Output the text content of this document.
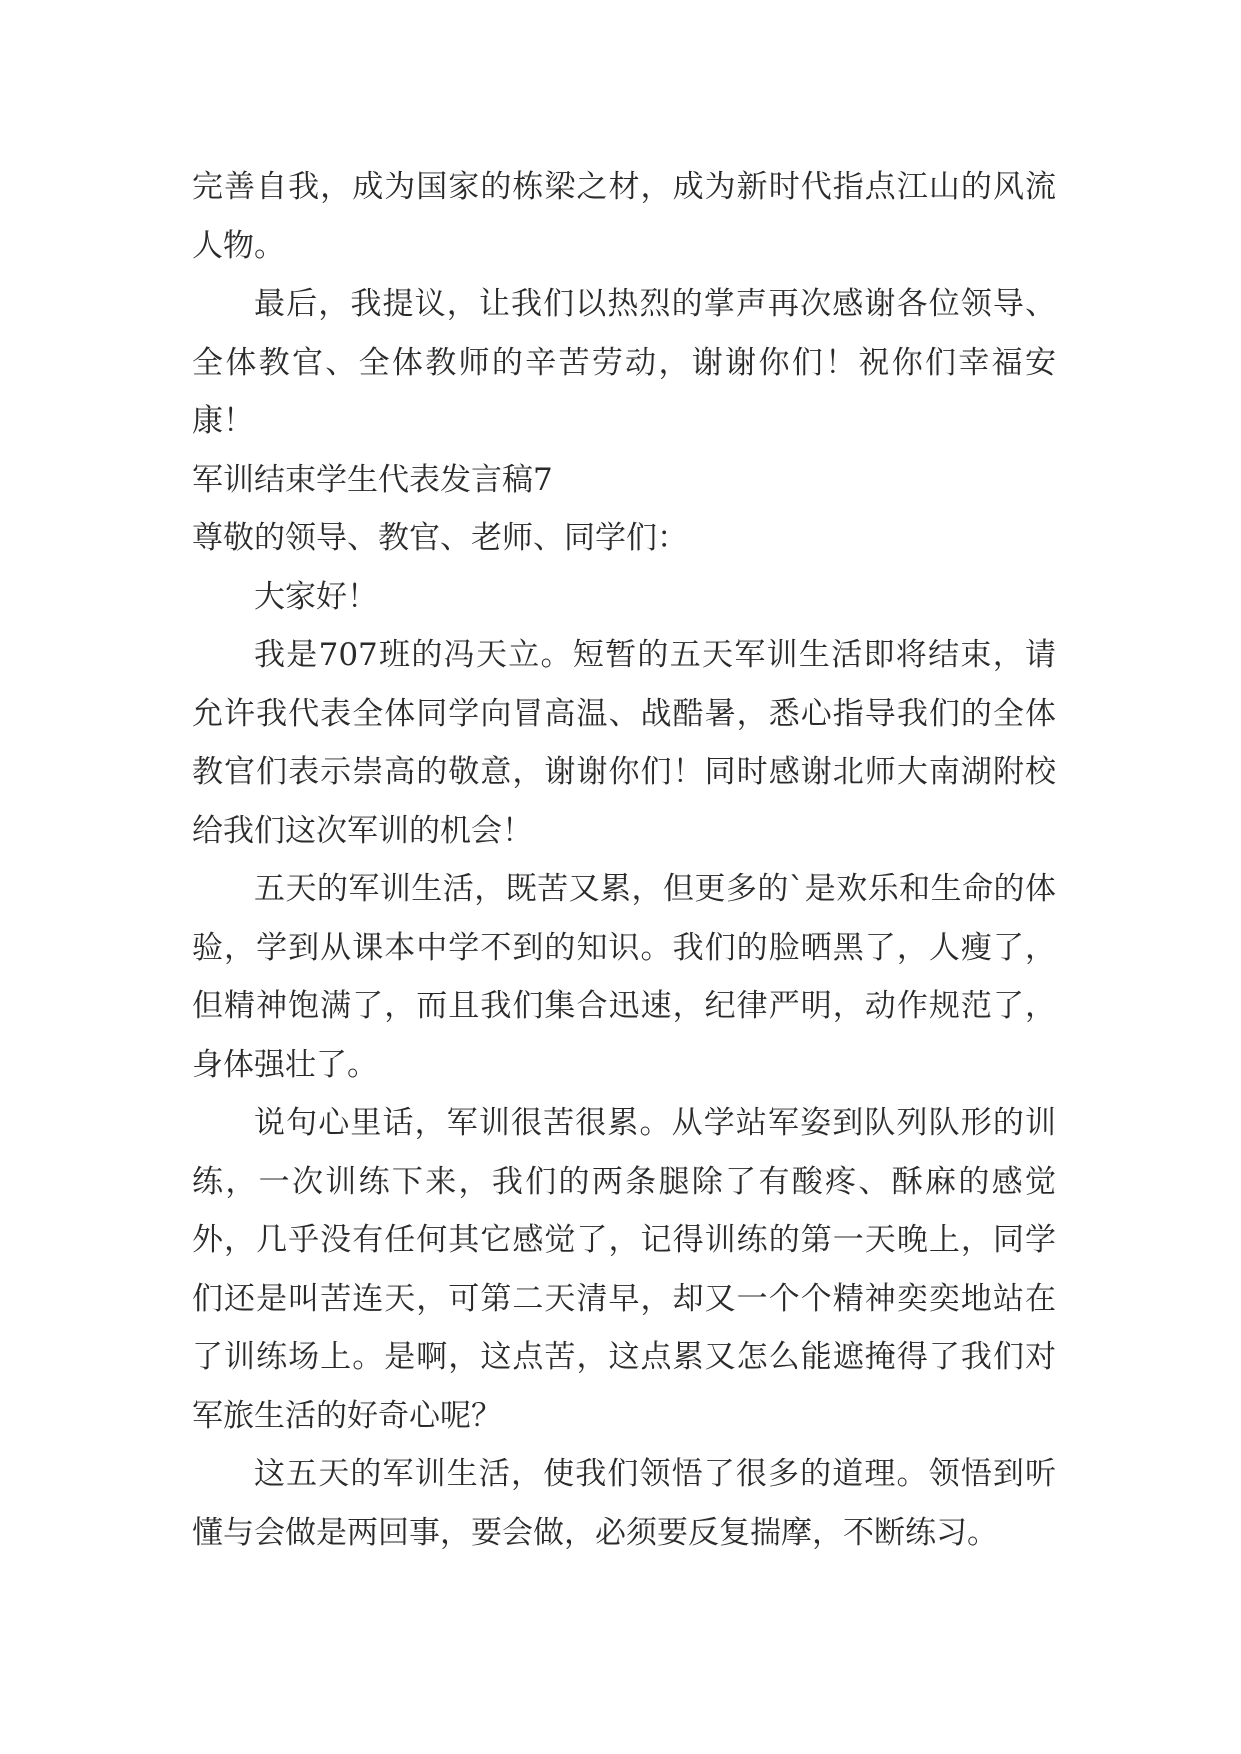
完善自我，成为国家的栋梁之材，成为新时代指点江山的风流人物。

最后，我提议，让我们以热烈的掌声再次感谢各位领导、全体教官、全体教师的辛苦劳动，谢谢你们！祝你们幸福安康！

军训结束学生代表发言稿7

尊敬的领导、教官、老师、同学们：

大家好！

我是707班的冯天立。短暂的五天军训生活即将结束，请允许我代表全体同学向冒高温、战酷暑，悉心指导我们的全体教官们表示崇高的敬意，谢谢你们！同时感谢北师大南湖附校给我们这次军训的机会！

五天的军训生活，既苦又累，但更多的`是欢乐和生命的体验，学到从课本中学不到的知识。我们的脸晒黑了，人瘦了，但精神饱满了，而且我们集合迅速，纪律严明，动作规范了，身体强壮了。

说句心里话，军训很苦很累。从学站军姿到队列队形的训练，一次训练下来，我们的两条腿除了有酸疼、酥麻的感觉外，几乎没有任何其它感觉了，记得训练的第一天晚上，同学们还是叫苦连天，可第二天清早，却又一个个精神奕奕地站在了训练场上。是啊，这点苦，这点累又怎么能遮掩得了我们对军旅生活的好奇心呢？

这五天的军训生活，使我们领悟了很多的道理。领悟到听懂与会做是两回事，要会做，必须要反复揣摩，不断练习。
